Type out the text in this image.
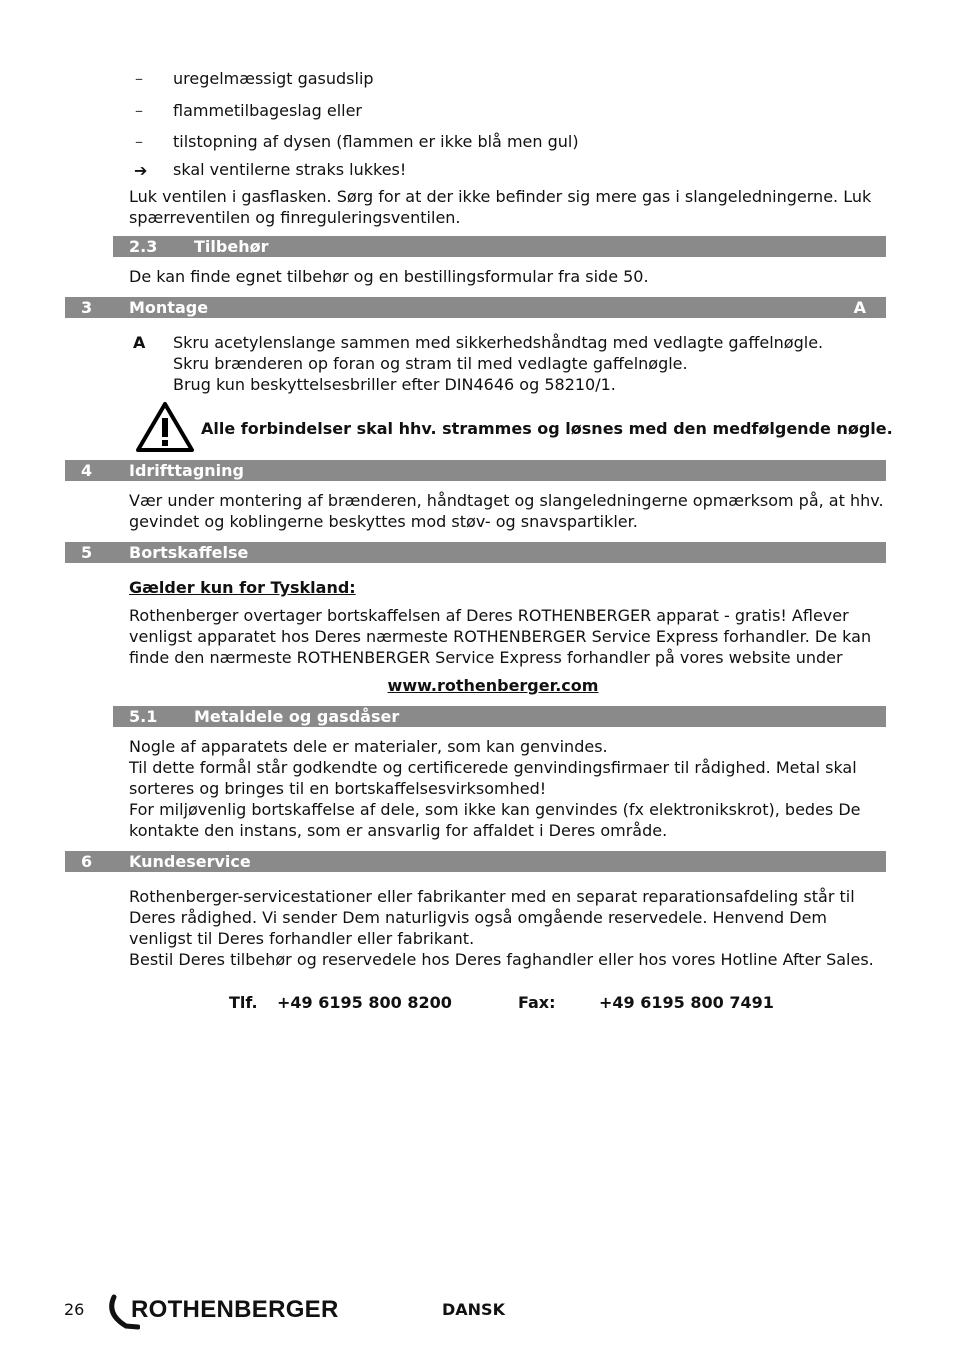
– uregelmæssigt gasudslip
– flammetilbageslag eller
– tilstopning af dysen (flammen er ikke blå men gul)
➔ skal ventilerne straks lukkes!
Luk ventilen i gasflasken. Sørg for at der ikke befinder sig mere gas i slangeledningerne. Luk spærreventilen og finreguleringsventilen.
2.3 Tilbehør
De kan finde egnet tilbehør og en bestillingsformular fra side 50.
3 Montage	A
A Skru acetylenslange sammen med sikkerhedshåndtag med vedlagte gaffelnøgle.
Skru brænderen op foran og stram til med vedlagte gaffelnøgle.
Brug kun beskyttelsesbriller efter DIN4646 og 58210/1.
Alle forbindelser skal hhv. strammes og løsnes med den medfølgende nøgle.
4 Idrifttagning
Vær under montering af brænderen, håndtaget og slangeledningerne opmærksom på, at hhv. gevindet og koblingerne beskyttes mod støv- og snavspartikler.
5 Bortskaffelse
Gælder kun for Tyskland:
Rothenberger overtager bortskaffelsen af Deres ROTHENBERGER apparat - gratis! Aflever venligst apparatet hos Deres nærmeste ROTHENBERGER Service Express forhandler. De kan finde den nærmeste ROTHENBERGER Service Express forhandler på vores website under
www.rothenberger.com
5.1 Metaldele og gasdåser
Nogle af apparatets dele er materialer, som kan genvindes.
Til dette formål står godkendte og certificerede genvindingsfirmaer til rådighed. Metal skal sorteres og bringes til en bortskaffelsesvirksomhed!
For miljøvenlig bortskaffelse af dele, som ikke kan genvindes (fx elektronikskrot), bedes De kontakte den instans, som er ansvarlig for affaldet i Deres område.
6 Kundeservice
Rothenberger-servicestationer eller fabrikanter med en separat reparationsafdeling står til Deres rådighed. Vi sender Dem naturligvis også omgående reservedele. Henvend Dem venligst til Deres forhandler eller fabrikant.
Bestil Deres tilbehør og reservedele hos Deres faghandler eller hos vores Hotline After Sales.
Tlf. +49 6195 800 8200	Fax:	+49 6195 800 7491
26 ROTHENBERGER	DANSK
